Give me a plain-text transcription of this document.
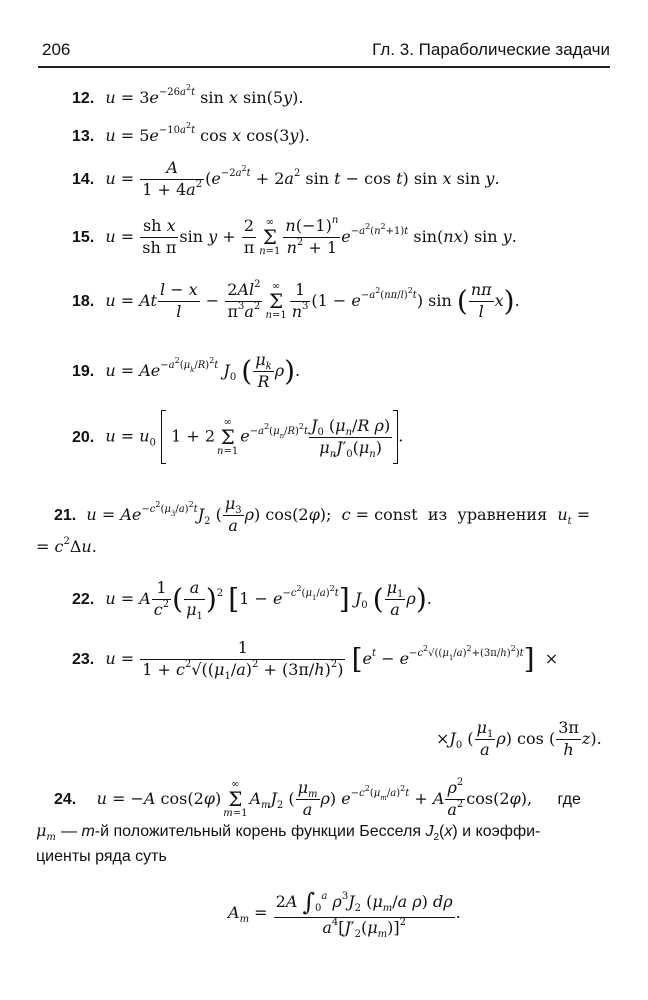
206	Гл. 3. Параболические задачи
12. $u = 3e^{-26a^2t}$ sin x sin(5y).
13. $u = 5e^{-10a^2t}$ cos x cos(3y).
14. $u = \frac{A}{1 + 4a^2} (e^{-2a^2t} + 2a^2$ sin t − cos t) sin x sin y.
15. $u = \frac{\text{sh x}}{\text{sh π}}$ $\sin y + \frac{2}{\pi}$ ∞
Σ
$n=1 \frac{n(-1)^n}{n^2 + 1} e^{-a^2(n^2+1)t}$ sin(nx) sin y.
18. u = At $\frac{l - x}{l} - \frac{2Al^2}{\pi^3a^2}$ ∞
Σ
$n=1 \frac{1}{n^3} (1 - e^{-a^2(n\pi/l)^2t})$ sin ( $\frac{n\pi}{l} x$).
19. $u = Ae^{-a^2(\mu_k/R)^2t}$ $J_0$ ( $\frac{\mu_k}{R} \rho$).
20. $u = u_0$  1 + 2∞
Σ
$n=1e^{-a^2(\mu_n/R)^2t}$ $J_0$ ($\mu_n/R$ ρ)
$\mu_nJ'_0(\mu_n)$
.
21. $u = Ae^{-c^2(\mu_3/a)^2t}J_2$ ( $\frac{\mu_3}{a} \rho$) cos(2φ);  c = const  из  уравнения  $u_t$ =
= $c^2\Delta u$.
22. u = A $\frac{1}{c^2}$ ( $\frac{a}{\mu_1} )^2$ $[1 - e^{-c^2(\mu_1/a)^2t}]$ $J_0$ ( $\frac{\mu_1}{a} \rho$).
23. $u = \frac{1}{1 + c^2√((\mu_1/a)^2 + (3\pi/h)^2)} [e^t - e^{-c^2√((\mu_1/a)^2+(3\pi/h)^2)t}]$  ×
$\times J_0$ ( $\frac{\mu_1}{a} \rho$) cos ( $\frac{3\pi}{h} z$).
24. u = −A cos(2φ)∞
Σ
$m=1A_mJ_2$ ( $\frac{\mu_m}{a} \rho$) $e^{-c^2(\mu_m/a)^2t} + A \frac{\rho^2}{a^2} \cos(2\varphi)$,     где
$\mu_m$ — m-й положительный корень функции Бесселя $J_2(x)$ и коэффи-
циенты ряда суть
$A_m = \frac{2A \int_0^a \rho^3J_2 (\mu_m/a \rho) d\rho}{a^4[J'_2(\mu_m)]^2}$ .
